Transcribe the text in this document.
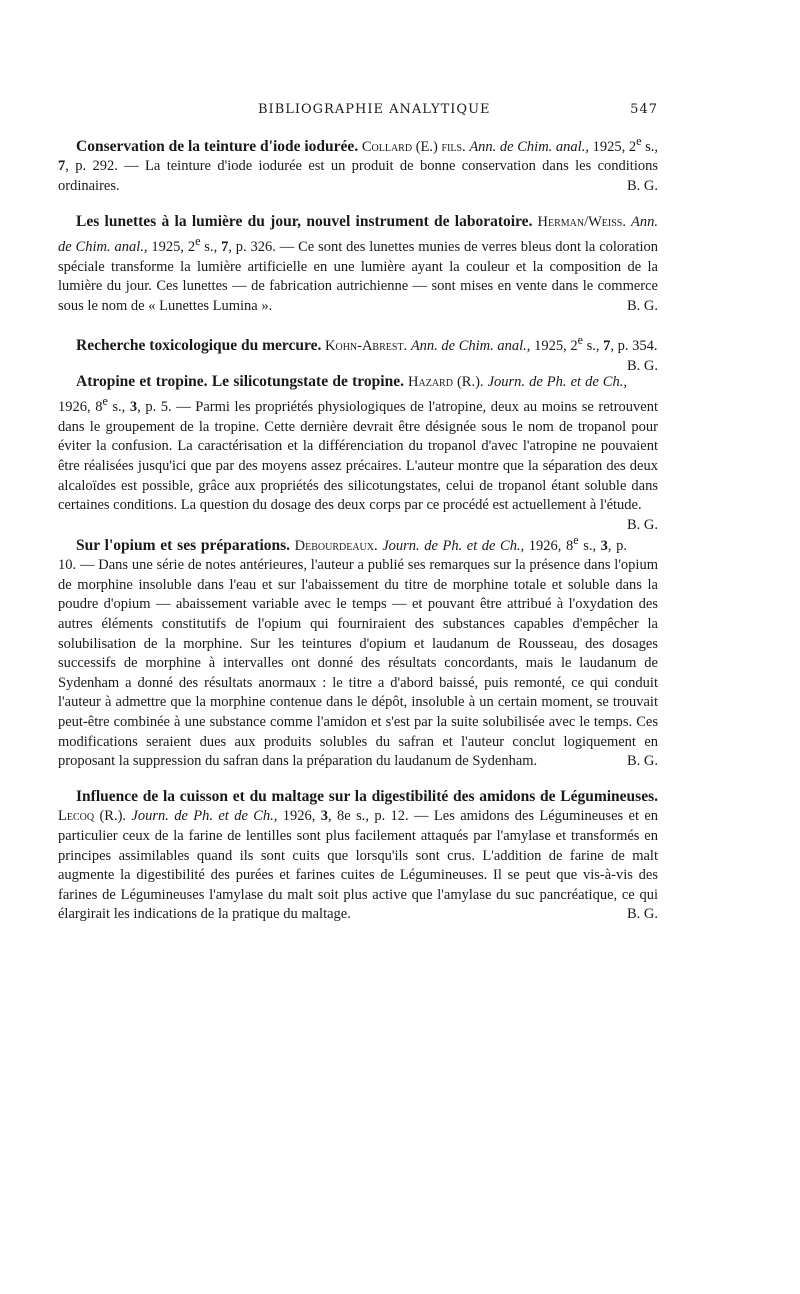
BIBLIOGRAPHIE ANALYTIQUE	547

Conservation de la teinture d'iode iodurée. Collard (E.) fils. Ann. de Chim. anal., 1925, 2e s., 7, p. 292. — La teinture d'iode iodurée est un produit de bonne conservation dans les conditions ordinaires.	B. G.

Les lunettes à la lumière du jour, nouvel instrument de laboratoire. Herman/Weiss. Ann. de Chim. anal., 1925, 2e s., 7, p. 326. — Ce sont des lunettes munies de verres bleus dont la coloration spéciale transforme la lumière artificielle en une lumière ayant la couleur et la composition de la lumière du jour. Ces lunettes — de fabrication autrichienne — sont mises en vente dans le commerce sous le nom de « Lunettes Lumina ».	B. G.

Recherche toxicologique du mercure. Kohn-Abrest. Ann. de Chim. anal., 1925, 2e s., 7, p. 354.
B. G.

Atropine et tropine. Le silicotungstate de tropine. Hazard (R.). Journ. de Ph. et de Ch., 1926, 8e s., 3, p. 5. — Parmi les propriétés physiologiques de l'atropine, deux au moins se retrouvent dans le groupement de la tropine. Cette dernière devrait être désignée sous le nom de tropanol pour éviter la confusion. La caractérisation et la différenciation du tropanol d'avec l'atropine ne pouvaient être réalisées jusqu'ici que par des moyens assez précaires. L'auteur montre que la séparation des deux alcaloïdes est possible, grâce aux propriétés des silicotungstates, celui de tropanol étant soluble dans certaines conditions. La question du dosage des deux corps par ce procédé est actuellement à l'étude.
B. G.

Sur l'opium et ses préparations. Debourdeaux. Journ. de Ph. et de Ch., 1926, 8e s., 3, p. 10. — Dans une série de notes antérieures, l'auteur a publié ses remarques sur la présence dans l'opium de morphine insoluble dans l'eau et sur l'abaissement du titre de morphine totale et soluble dans la poudre d'opium — abaissement variable avec le temps — et pouvant être attribué à l'oxydation des autres éléments constitutifs de l'opium qui fourniraient des substances capables d'empêcher la solubilisation de la morphine. Sur les teintures d'opium et laudanum de Rousseau, des dosages successifs de morphine à intervalles ont donné des résultats concordants, mais le laudanum de Sydenham a donné des résultats anormaux : le titre a d'abord baissé, puis remonté, ce qui conduit l'auteur à admettre que la morphine contenue dans le dépôt, insoluble à un certain moment, se trouvait peut-être combinée à une substance comme l'amidon et s'est par la suite solubilisée avec le temps. Ces modifications seraient dues aux produits solubles du safran et l'auteur conclut logiquement en proposant la suppression du safran dans la préparation du laudanum de Sydenham.	B. G.

Influence de la cuisson et du maltage sur la digestibilité des amidons de Légumineuses. Lecoq (R.). Journ. de Ph. et de Ch., 1926, 3, 8e s., p. 12. — Les amidons des Légumineuses et en particulier ceux de la farine de lentilles sont plus facilement attaqués par l'amylase et transformés en principes assimilables quand ils sont cuits que lorsqu'ils sont crus. L'addition de farine de malt augmente la digestibilité des purées et farines cuites de Légumineuses. Il se peut que vis-à-vis des farines de Légumineuses l'amylase du malt soit plus active que l'amylase du suc pancréatique, ce qui élargirait les indications de la pratique du maltage.	B. G.
